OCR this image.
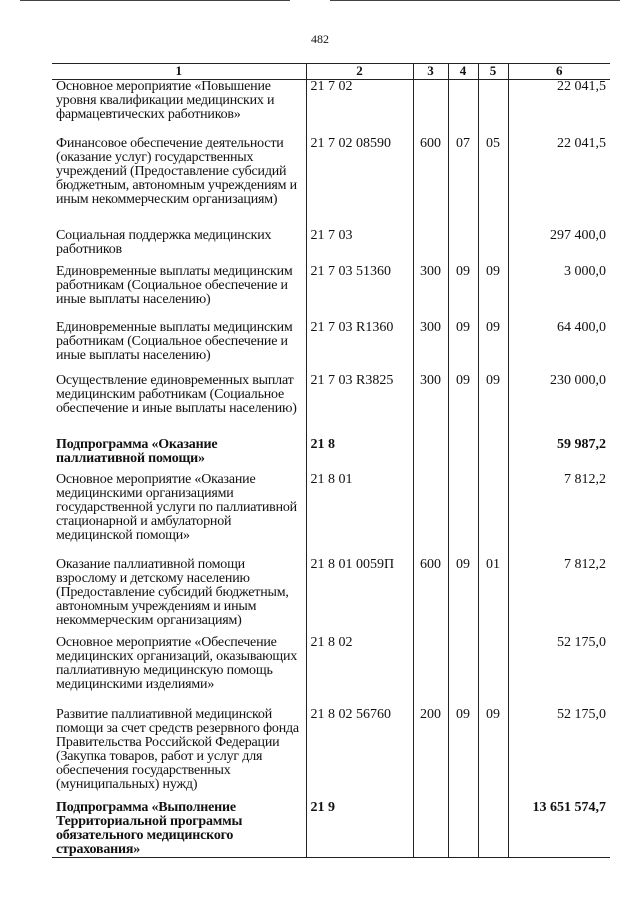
482
1	2	3	4	5	6
Основное мероприятие «Повышение уровня квалификации медицинских и фармацевтических работников»	21 7 02				22 041,5
Финансовое обеспечение деятельности (оказание услуг) государственных учреждений (Предоставление субсидий бюджетным, автономным учреждениям и иным некоммерческим организациям)	21 7 02 08590	600	07	05	22 041,5
Социальная поддержка медицинских работников	21 7 03				297 400,0
Единовременные выплаты медицинским работникам (Социальное обеспечение и иные выплаты населению)	21 7 03 51360	300	09	09	3 000,0
Единовременные выплаты медицинским работникам (Социальное обеспечение и иные выплаты населению)	21 7 03 R1360	300	09	09	64 400,0
Осуществление единовременных выплат медицинским работникам (Социальное обеспечение и иные выплаты населению)	21 7 03 R3825	300	09	09	230 000,0
Подпрограмма «Оказание паллиативной помощи»	21 8				59 987,2
Основное мероприятие «Оказание медицинскими организациями государственной услуги по паллиативной стационарной и амбулаторной медицинской помощи»	21 8 01				7 812,2
Оказание паллиативной помощи взрослому и детскому населению (Предоставление субсидий бюджетным, автономным учреждениям и иным некоммерческим организациям)	21 8 01 0059П	600	09	01	7 812,2
Основное мероприятие «Обеспечение медицинских организаций, оказывающих паллиативную медицинскую помощь медицинскими изделиями»	21 8 02				52 175,0
Развитие паллиативной медицинской помощи за счет средств резервного фонда Правительства Российской Федерации (Закупка товаров, работ и услуг для обеспечения государственных (муниципальных) нужд)	21 8 02 56760	200	09	09	52 175,0
Подпрограмма «Выполнение Территориальной программы обязательного медицинского страхования»	21 9				13 651 574,7
